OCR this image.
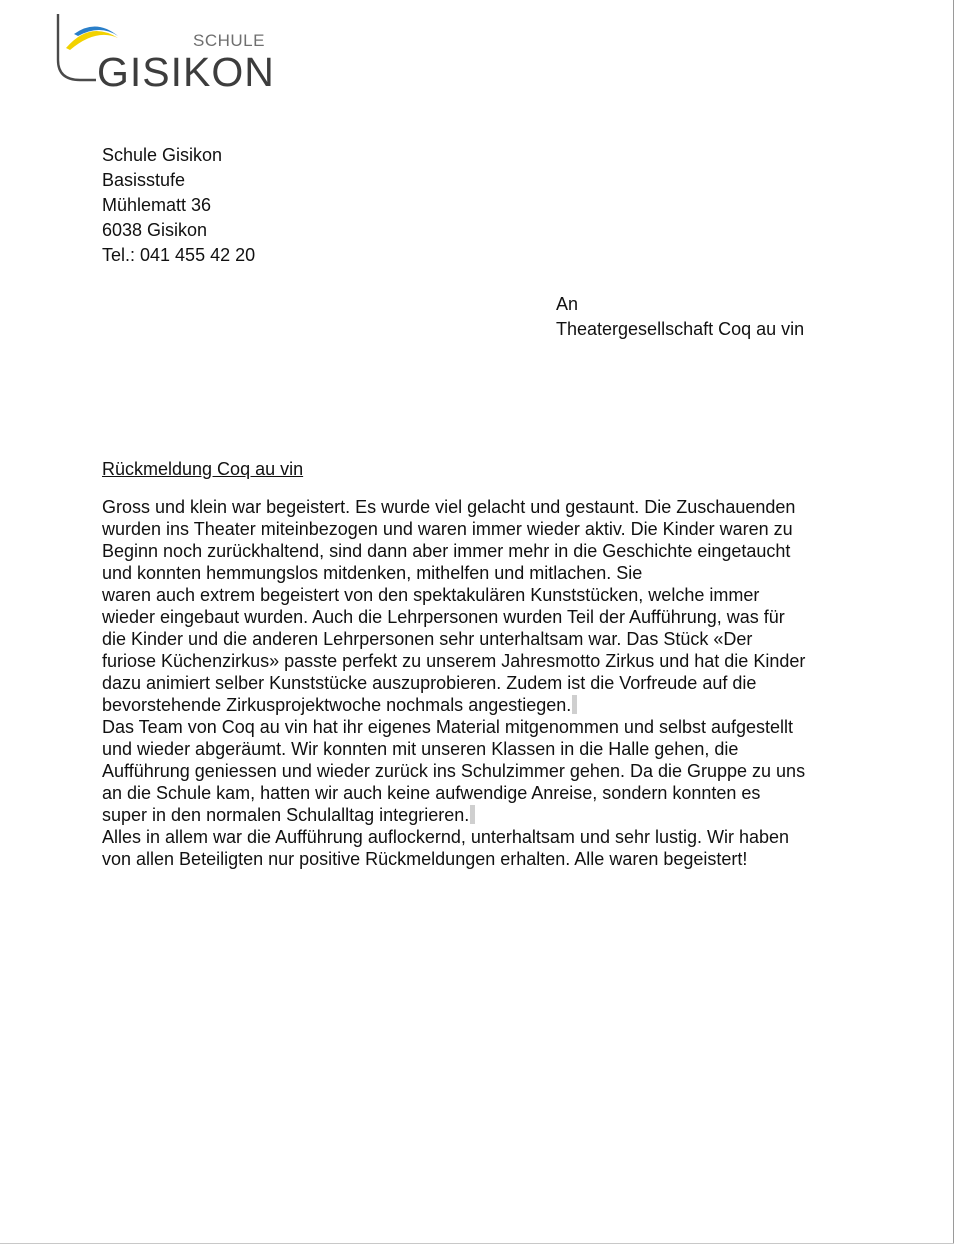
SCHULE
GISIKON
Schule Gisikon
Basisstufe
Mühlematt 36
6038 Gisikon
Tel.: 041 455 42 20
An
Theatergesellschaft Coq au vin
Rückmeldung Coq au vin
Gross und klein war begeistert. Es wurde viel gelacht und gestaunt. Die Zuschauenden
wurden ins Theater miteinbezogen und waren immer wieder aktiv. Die Kinder waren zu
Beginn noch zurückhaltend, sind dann aber immer mehr in die Geschichte eingetaucht
und konnten hemmungslos mitdenken, mithelfen und mitlachen. Sie
waren auch extrem begeistert von den spektakulären Kunststücken, welche immer
wieder eingebaut wurden. Auch die Lehrpersonen wurden Teil der Aufführung, was für
die Kinder und die anderen Lehrpersonen sehr unterhaltsam war. Das Stück «Der
furiose Küchenzirkus» passte perfekt zu unserem Jahresmotto Zirkus und hat die Kinder
dazu animiert selber Kunststücke auszuprobieren. Zudem ist die Vorfreude auf die
bevorstehende Zirkusprojektwoche nochmals angestiegen.
Das Team von Coq au vin hat ihr eigenes Material mitgenommen und selbst aufgestellt
und wieder abgeräumt. Wir konnten mit unseren Klassen in die Halle gehen, die
Aufführung geniessen und wieder zurück ins Schulzimmer gehen. Da die Gruppe zu uns
an die Schule kam, hatten wir auch keine aufwendige Anreise, sondern konnten es
super in den normalen Schulalltag integrieren.
Alles in allem war die Aufführung auflockernd, unterhaltsam und sehr lustig. Wir haben
von allen Beteiligten nur positive Rückmeldungen erhalten. Alle waren begeistert!
